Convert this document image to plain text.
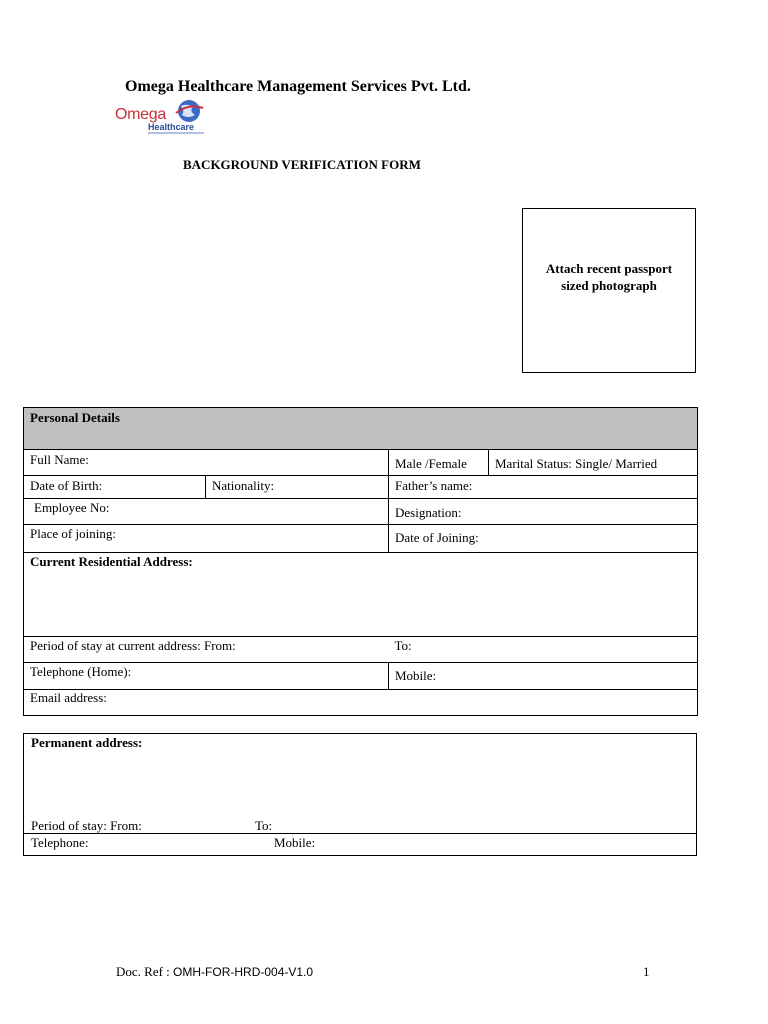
Omega Healthcare Management Services Pvt. Ltd.
Omega
Healthcare
BACKGROUND VERIFICATION FORM
Attach recent passport
sized photograph
Personal Details			
Full Name:		Male /Female	Marital Status: Single/ Married
Date of Birth:	Nationality:	Father’s name:	
Employee No:		Designation:	
Place of joining:		Date of Joining:	
Current Residential Address:			
Period of stay at current address: From:		To:	
Telephone (Home):		Mobile:	
Email address:			
Permanent address:
Period of stay: From:	To:
Telephone:	Mobile:
Doc. Ref : OMH-FOR-HRD-004-V1.0	1
